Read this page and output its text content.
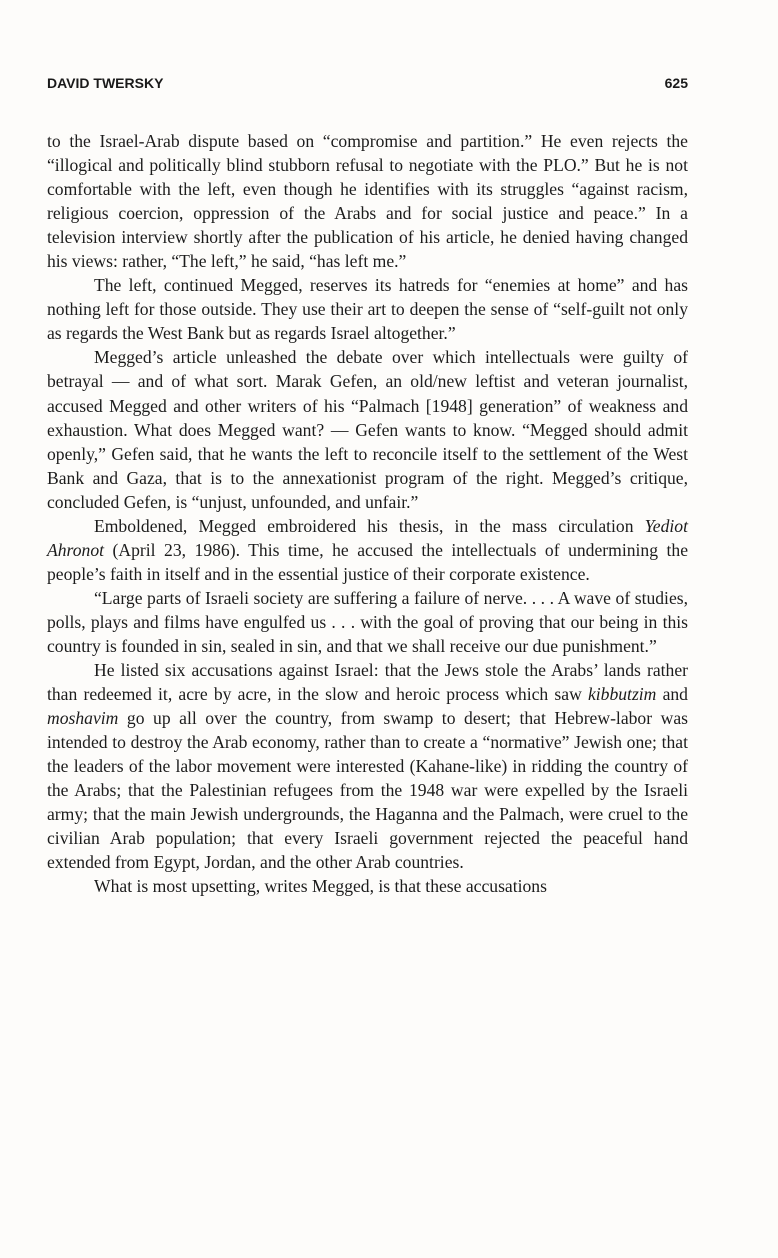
DAVID TWERSKY	625

to the Israel-Arab dispute based on “compromise and partition.” He even rejects the “illogical and politically blind stubborn refusal to negotiate with the PLO.” But he is not comfortable with the left, even though he identifies with its struggles “against racism, religious coercion, oppression of the Arabs and for social justice and peace.” In a television interview shortly after the publication of his article, he denied having changed his views: rather, “The left,” he said, “has left me.”

The left, continued Megged, reserves its hatreds for “enemies at home” and has nothing left for those outside. They use their art to deepen the sense of “self-guilt not only as regards the West Bank but as regards Israel altogether.”

Megged’s article unleashed the debate over which intellectuals were guilty of betrayal — and of what sort. Marak Gefen, an old/new leftist and veteran journalist, accused Megged and other writers of his “Palmach [1948] generation” of weakness and exhaustion. What does Megged want? — Gefen wants to know. “Megged should admit openly,” Gefen said, that he wants the left to reconcile itself to the settlement of the West Bank and Gaza, that is to the annexationist program of the right. Megged’s critique, concluded Gefen, is “unjust, unfounded, and unfair.”

Emboldened, Megged embroidered his thesis, in the mass circulation Yediot Ahronot (April 23, 1986). This time, he accused the intellectuals of undermining the people’s faith in itself and in the essential justice of their corporate existence.

“Large parts of Israeli society are suffering a failure of nerve. . . . A wave of studies, polls, plays and films have engulfed us . . . with the goal of proving that our being in this country is founded in sin, sealed in sin, and that we shall receive our due punishment.”

He listed six accusations against Israel: that the Jews stole the Arabs’ lands rather than redeemed it, acre by acre, in the slow and heroic process which saw kibbutzim and moshavim go up all over the country, from swamp to desert; that Hebrew-labor was intended to destroy the Arab economy, rather than to create a “normative” Jewish one; that the leaders of the labor movement were interested (Kahane-like) in ridding the country of the Arabs; that the Palestinian refugees from the 1948 war were expelled by the Israeli army; that the main Jewish undergrounds, the Haganna and the Palmach, were cruel to the civilian Arab population; that every Israeli government rejected the peaceful hand extended from Egypt, Jordan, and the other Arab countries.

What is most upsetting, writes Megged, is that these accusations
